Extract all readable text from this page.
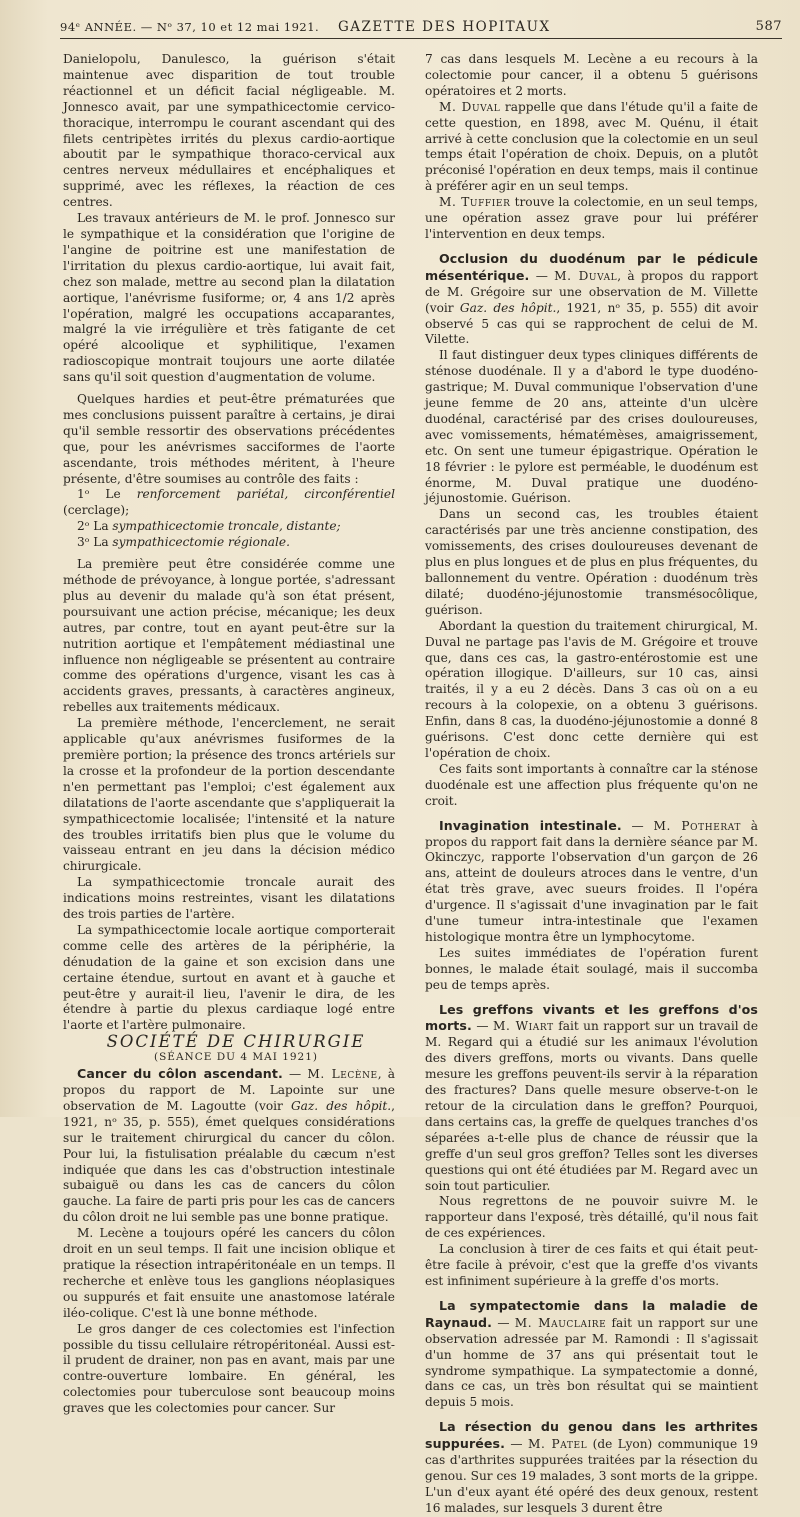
94ᵉ ANNÉE. — Nᵒ 37, 10 et 12 mai 1921. GAZETTE DES HOPITAUX	587

Danielopolu, Danulesco, la guérison s'était maintenue avec disparition de tout trouble réactionnel et un déficit facial négligeable. M. Jonnesco avait, par une sympathicectomie cervico-thoracique, interrompu le courant ascendant qui des filets centripètes irrités du plexus cardio-aortique aboutit par le sympathique thoraco-cervical aux centres nerveux médullaires et encéphaliques et supprimé, avec les réflexes, la réaction de ces centres.

Les travaux antérieurs de M. le prof. Jonnesco sur le sympathique et la considération que l'origine de l'angine de poitrine est une manifestation de l'irritation du plexus cardio-aortique, lui avait fait, chez son malade, mettre au second plan la dilatation aortique, l'anévrisme fusiforme; or, 4 ans 1/2 après l'opération, malgré les occupations accaparantes, malgré la vie irrégulière et très fatigante de cet opéré alcoolique et syphilitique, l'examen radioscopique montrait toujours une aorte dilatée sans qu'il soit question d'augmentation de volume.

Quelques hardies et peut-être prématurées que mes conclusions puissent paraître à certains, je dirai qu'il semble ressortir des observations précédentes que, pour les anévrismes sacciformes de l'aorte ascendante, trois méthodes méritent, à l'heure présente, d'être soumises au contrôle des faits :

1ᵒ Le renforcement pariétal, circonférentiel (cerclage);

2ᵒ La sympathicectomie troncale, distante;

3ᵒ La sympathicectomie régionale.

La première peut être considérée comme une méthode de prévoyance, à longue portée, s'adressant plus au devenir du malade qu'à son état présent, poursuivant une action précise, mécanique; les deux autres, par contre, tout en ayant peut-être sur la nutrition aortique et l'empâtement médiastinal une influence non négligeable se présentent au contraire comme des opérations d'urgence, visant les cas à accidents graves, pressants, à caractères angineux, rebelles aux traitements médicaux.

La première méthode, l'encerclement, ne serait applicable qu'aux anévrismes fusiformes de la première portion; la présence des troncs artériels sur la crosse et la profondeur de la portion descendante n'en permettant pas l'emploi; c'est également aux dilatations de l'aorte ascendante que s'appliquerait la sympathicectomie localisée; l'intensité et la nature des troubles irritatifs bien plus que le volume du vaisseau entrant en jeu dans la décision médico chirurgicale.

La sympathicectomie troncale aurait des indications moins restreintes, visant les dilatations des trois parties de l'artère.

La sympathicectomie locale aortique comporterait comme celle des artères de la périphérie, la dénudation de la gaine et son excision dans une certaine étendue, surtout en avant et à gauche et peut-être y aurait-il lieu, l'avenir le dira, de les étendre à partie du plexus cardiaque logé entre l'aorte et l'artère pulmonaire.

SOCIÉTÉ DE CHIRURGIE

(SÉANCE DU 4 MAI 1921)

Cancer du côlon ascendant. — M. Lecène, à propos du rapport de M. Lapointe sur une observation de M. Lagoutte (voir Gaz. des hôpit., 1921, nᵒ 35, p. 555), émet quelques considérations sur le traitement chirurgical du cancer du côlon. Pour lui, la fistulisation préalable du cæcum n'est indiquée que dans les cas d'obstruction intestinale subaiguë ou dans les cas de cancers du côlon gauche. La faire de parti pris pour les cas de cancers du côlon droit ne lui semble pas une bonne pratique.

M. Lecène a toujours opéré les cancers du côlon droit en un seul temps. Il fait une incision oblique et pratique la résection intrapéritonéale en un temps. Il recherche et enlève tous les ganglions néoplasiques ou suppurés et fait ensuite une anastomose latérale iléo-colique. C'est là une bonne méthode.

Le gros danger de ces colectomies est l'infection possible du tissu cellulaire rétropéritonéal. Aussi est-il prudent de drainer, non pas en avant, mais par une contre-ouverture lombaire. En général, les colectomies pour tuberculose sont beaucoup moins graves que les colectomies pour cancer. Sur

7 cas dans lesquels M. Lecène a eu recours à la colectomie pour cancer, il a obtenu 5 guérisons opératoires et 2 morts.

M. Duval rappelle que dans l'étude qu'il a faite de cette question, en 1898, avec M. Quénu, il était arrivé à cette conclusion que la colectomie en un seul temps était l'opération de choix. Depuis, on a plutôt préconisé l'opération en deux temps, mais il continue à préférer agir en un seul temps.

M. Tuffier trouve la colectomie, en un seul temps, une opération assez grave pour lui préférer l'intervention en deux temps.

Occlusion du duodénum par le pédicule mésentérique. — M. Duval, à propos du rapport de M. Grégoire sur une observation de M. Villette (voir Gaz. des hôpit., 1921, nᵒ 35, p. 555) dit avoir observé 5 cas qui se rapprochent de celui de M. Vilette.

Il faut distinguer deux types cliniques différents de sténose duodénale. Il y a d'abord le type duodéno-gastrique; M. Duval communique l'observation d'une jeune femme de 20 ans, atteinte d'un ulcère duodénal, caractérisé par des crises douloureuses, avec vomissements, hématémèses, amaigrissement, etc. On sent une tumeur épigastrique. Opération le 18 février : le pylore est perméable, le duodénum est énorme, M. Duval pratique une duodéno-jéjunostomie. Guérison.

Dans un second cas, les troubles étaient caractérisés par une très ancienne constipation, des vomissements, des crises douloureuses devenant de plus en plus longues et de plus en plus fréquentes, du ballonnement du ventre. Opération : duodénum très dilaté; duodéno-jéjunostomie transmésocôlique, guérison.

Abordant la question du traitement chirurgical, M. Duval ne partage pas l'avis de M. Grégoire et trouve que, dans ces cas, la gastro-entérostomie est une opération illogique. D'ailleurs, sur 10 cas, ainsi traités, il y a eu 2 décès. Dans 3 cas où on a eu recours à la colopexie, on a obtenu 3 guérisons. Enfin, dans 8 cas, la duodéno-jéjunostomie a donné 8 guérisons. C'est donc cette dernière qui est l'opération de choix.

Ces faits sont importants à connaître car la sténose duodénale est une affection plus fréquente qu'on ne croit.

Invagination intestinale. — M. Potherat à propos du rapport fait dans la dernière séance par M. Okinczyc, rapporte l'observation d'un garçon de 26 ans, atteint de douleurs atroces dans le ventre, d'un état très grave, avec sueurs froides. Il l'opéra d'urgence. Il s'agissait d'une invagination par le fait d'une tumeur intra-intestinale que l'examen histologique montra être un lymphocytome.

Les suites immédiates de l'opération furent bonnes, le malade était soulagé, mais il succomba peu de temps après.

Les greffons vivants et les greffons d'os morts. — M. Wiart fait un rapport sur un travail de M. Regard qui a étudié sur les animaux l'évolution des divers greffons, morts ou vivants. Dans quelle mesure les greffons peuvent-ils servir à la réparation des fractures? Dans quelle mesure observe-t-on le retour de la circulation dans le greffon? Pourquoi, dans certains cas, la greffe de quelques tranches d'os séparées a-t-elle plus de chance de réussir que la greffe d'un seul gros greffon? Telles sont les diverses questions qui ont été étudiées par M. Regard avec un soin tout particulier.

Nous regrettons de ne pouvoir suivre M. le rapporteur dans l'exposé, très détaillé, qu'il nous fait de ces expériences.

La conclusion à tirer de ces faits et qui était peut-être facile à prévoir, c'est que la greffe d'os vivants est infiniment supérieure à la greffe d'os morts.

La sympatectomie dans la maladie de Raynaud. — M. Mauclaire fait un rapport sur une observation adressée par M. Ramondi : Il s'agissait d'un homme de 37 ans qui présentait tout le syndrome sympathique. La sympatectomie a donné, dans ce cas, un très bon résultat qui se maintient depuis 5 mois.

La résection du genou dans les arthrites suppurées. — M. Patel (de Lyon) communique 19 cas d'arthrites suppurées traitées par la résection du genou. Sur ces 19 malades, 3 sont morts de la grippe. L'un d'eux ayant été opéré des deux genoux, restent 16 malades, sur lesquels 3 durent être
